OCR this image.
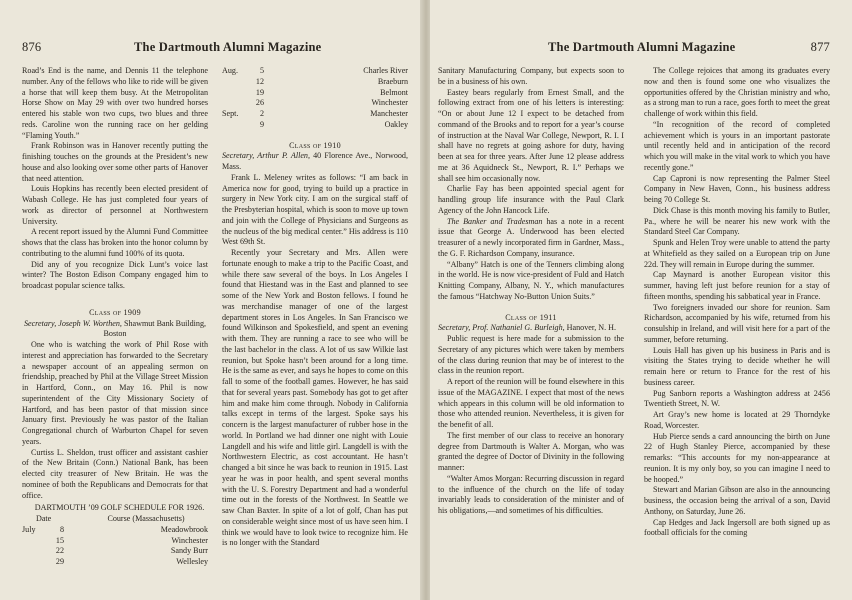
876	The Dartmouth Alumni Magazine

Road’s End is the name, and Dennis 11 the telephone number. Any of the fellows who like to ride will be given a horse that will keep them busy. At the Metropolitan Horse Show on May 29 with over two hundred horses entered his stable won two cups, two blues and three reds. Caroline won the running race on her gelding “Flaming Youth.”

Frank Robinson was in Hanover recently putting the finishing touches on the grounds at the President’s new house and also looking over some other parts of Hanover that need attention.

Louis Hopkins has recently been elected president of Wabash College. He has just completed four years of work as director of personnel at Northwestern University.

A recent report issued by the Alumni Fund Committee shows that the class has broken into the honor column by contributing to the alumni fund 100% of its quota.

Did any of you recognize Dick Lunt’s voice last winter? The Boston Edison Company engaged him to broadcast popular science talks.

Class of 1909

Secretary, Joseph W. Worthen, Shawmut Bank Building, Boston

One who is watching the work of Phil Rose with interest and appreciation has forwarded to the Secretary a newspaper account of an appealing sermon on friendship, preached by Phil at the Village Street Mission in Hartford, Conn., on May 16. Phil is now superintendent of the City Missionary Society of Hartford, and has been pastor of that mission since January first. Previously he was pastor of the Italian Congregational church of Warburton Chapel for seven years.

Curtiss L. Sheldon, trust officer and assistant cashier of the New Britain (Conn.) National Bank, has been elected city treasurer of New Britain. He was the nominee of both the Republicans and Democrats for that office.

DARTMOUTH ’09 GOLF SCHEDULE FOR 1926.

Date	Course (Massachusetts)
July	8	Meadowbrook
15	Winchester
22	Sandy Burr
29	Wellesley
Aug.	5	Charles River
12	Braeburn
19	Belmont
26	Winchester
Sept.	2	Manchester
9	Oakley

Class of 1910

Secretary, Arthur P. Allen, 40 Florence Ave., Norwood, Mass.

Frank L. Meleney writes as follows: “I am back in America now for good, trying to build up a practice in surgery in New York city. I am on the surgical staff of the Presbyterian hospital, which is soon to move up town and join with the College of Physicians and Surgeons as the nucleus of the big medical center.” His address is 110 West 69th St.

Recently your Secretary and Mrs. Allen were fortunate enough to make a trip to the Pacific Coast, and while there saw several of the boys. In Los Angeles I found that Hiestand was in the East and planned to see some of the New York and Boston fellows. I found he was merchandise manager of one of the largest department stores in Los Angeles. In San Francisco we found Wilkinson and Spokesfield, and spent an evening with them. They are running a race to see who will be the last bachelor in the class. A lot of us saw Wilkie last reunion, but Spoke hasn’t been around for a long time. He is the same as ever, and says he hopes to come on this fall to some of the football games. However, he has said that for several years past. Somebody has got to get after him and make him come through. Nobody in California talks except in terms of the largest. Spoke says his concern is the largest manufacturer of rubber hose in the world. In Portland we had dinner one night with Louie Langdell and his wife and little girl. Langdell is with the Northwestern Electric, as cost accountant. He hasn’t changed a bit since he was back to reunion in 1915. Last year he was in poor health, and spent several months with the U. S. Forestry Department and had a wonderful time out in the forests of the Northwest. In Seattle we saw Chan Baxter. In spite of a lot of golf, Chan has put on considerable weight since most of us have seen him. I think we would have to look twice to recognize him. He is no longer with the Standard

The Dartmouth Alumni Magazine	877

Sanitary Manufacturing Company, but expects soon to be in a business of his own.

Eastey bears regularly from Ernest Small, and the following extract from one of his letters is interesting: “On or about June 12 I expect to be detached from command of the Brooks and to report for a year’s course of instruction at the Naval War College, Newport, R. I. I shall have no regrets at going ashore for duty, having been at sea for three years. After June 12 please address me at 36 Aquidneck St., Newport, R. I.” Perhaps we shall see him occasionally now.

Charlie Fay has been appointed special agent for handling group life insurance with the Paul Clark Agency of the John Hancock Life.

The Banker and Tradesman has a note in a recent issue that George A. Underwood has been elected treasurer of a newly incorporated firm in Gardner, Mass., the G. F. Richardson Company, insurance.

“Albany” Hatch is one of the Tenners climbing along in the world. He is now vice-president of Fuld and Hatch Knitting Company, Albany, N. Y., which manufactures the famous “Hatchway No-Button Union Suits.”

Class of 1911

Secretary, Prof. Nathaniel G. Burleigh, Hanover, N. H.

Public request is here made for a submission to the Secretary of any pictures which were taken by members of the class during reunion that may be of interest to the class in the reunion report.

A report of the reunion will be found elsewhere in this issue of the MAGAZINE. I expect that most of the news which appears in this column will be old information to those who attended reunion. Nevertheless, it is given for the benefit of all.

The first member of our class to receive an honorary degree from Dartmouth is Walter A. Morgan, who was granted the degree of Doctor of Divinity in the following manner:

“Walter Amos Morgan: Recurring discussion in regard to the influence of the church on the life of today invariably leads to consideration of the minister and of his obligations,—and sometimes of his difficulties.

The College rejoices that among its graduates every now and then is found some one who visualizes the opportunities offered by the Christian ministry and who, as a strong man to run a race, goes forth to meet the great challenge of work within this field.

“In recognition of the record of completed achievement which is yours in an important pastorate until recently held and in anticipation of the record which you will make in the vital work to which you have recently gone.”

Cap Caproni is now representing the Palmer Steel Company in New Haven, Conn., his business address being 70 College St.

Dick Chase is this month moving his family to Butler, Pa., where he will be nearer his new work with the Standard Steel Car Company.

Spunk and Helen Troy were unable to attend the party at Whitefield as they sailed on a European trip on June 22d. They will remain in Europe during the summer.

Cap Maynard is another European visitor this summer, having left just before reunion for a stay of fifteen months, spending his sabbatical year in France.

Two foreigners invaded our shore for reunion. Sam Richardson, accompanied by his wife, returned from his consulship in Ireland, and will visit here for a part of the summer, before returning.

Louis Hall has given up his business in Paris and is visiting the States trying to decide whether he will remain here or return to France for the rest of his business career.

Pug Sanborn reports a Washington address at 2456 Twentieth Street, N. W.

Art Gray’s new home is located at 29 Thorndyke Road, Worcester.

Hub Pierce sends a card announcing the birth on June 22 of Hugh Stanley Pierce, accompanied by these remarks: “This accounts for my non-appearance at reunion. It is my only boy, so you can imagine I need to be hooped.”

Stewart and Marian Gibson are also in the announcing business, the occasion being the arrival of a son, David Anthony, on Saturday, June 26.

Cap Hedges and Jack Ingersoll are both signed up as football officials for the coming
